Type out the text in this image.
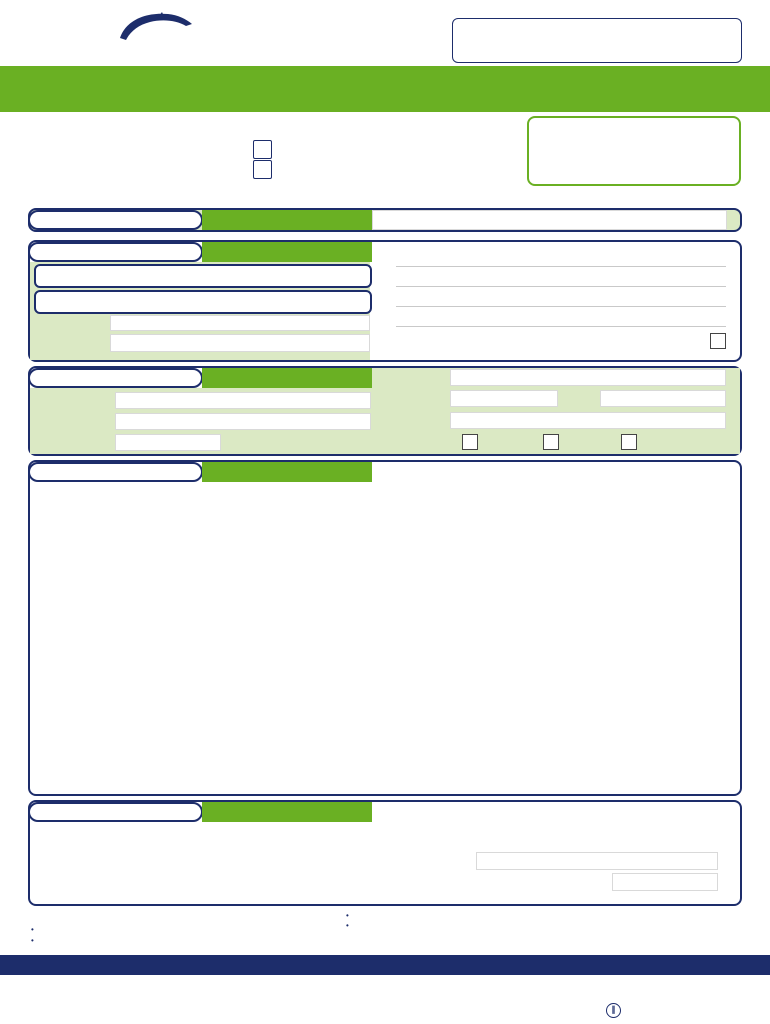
•
•
•
•
∥
